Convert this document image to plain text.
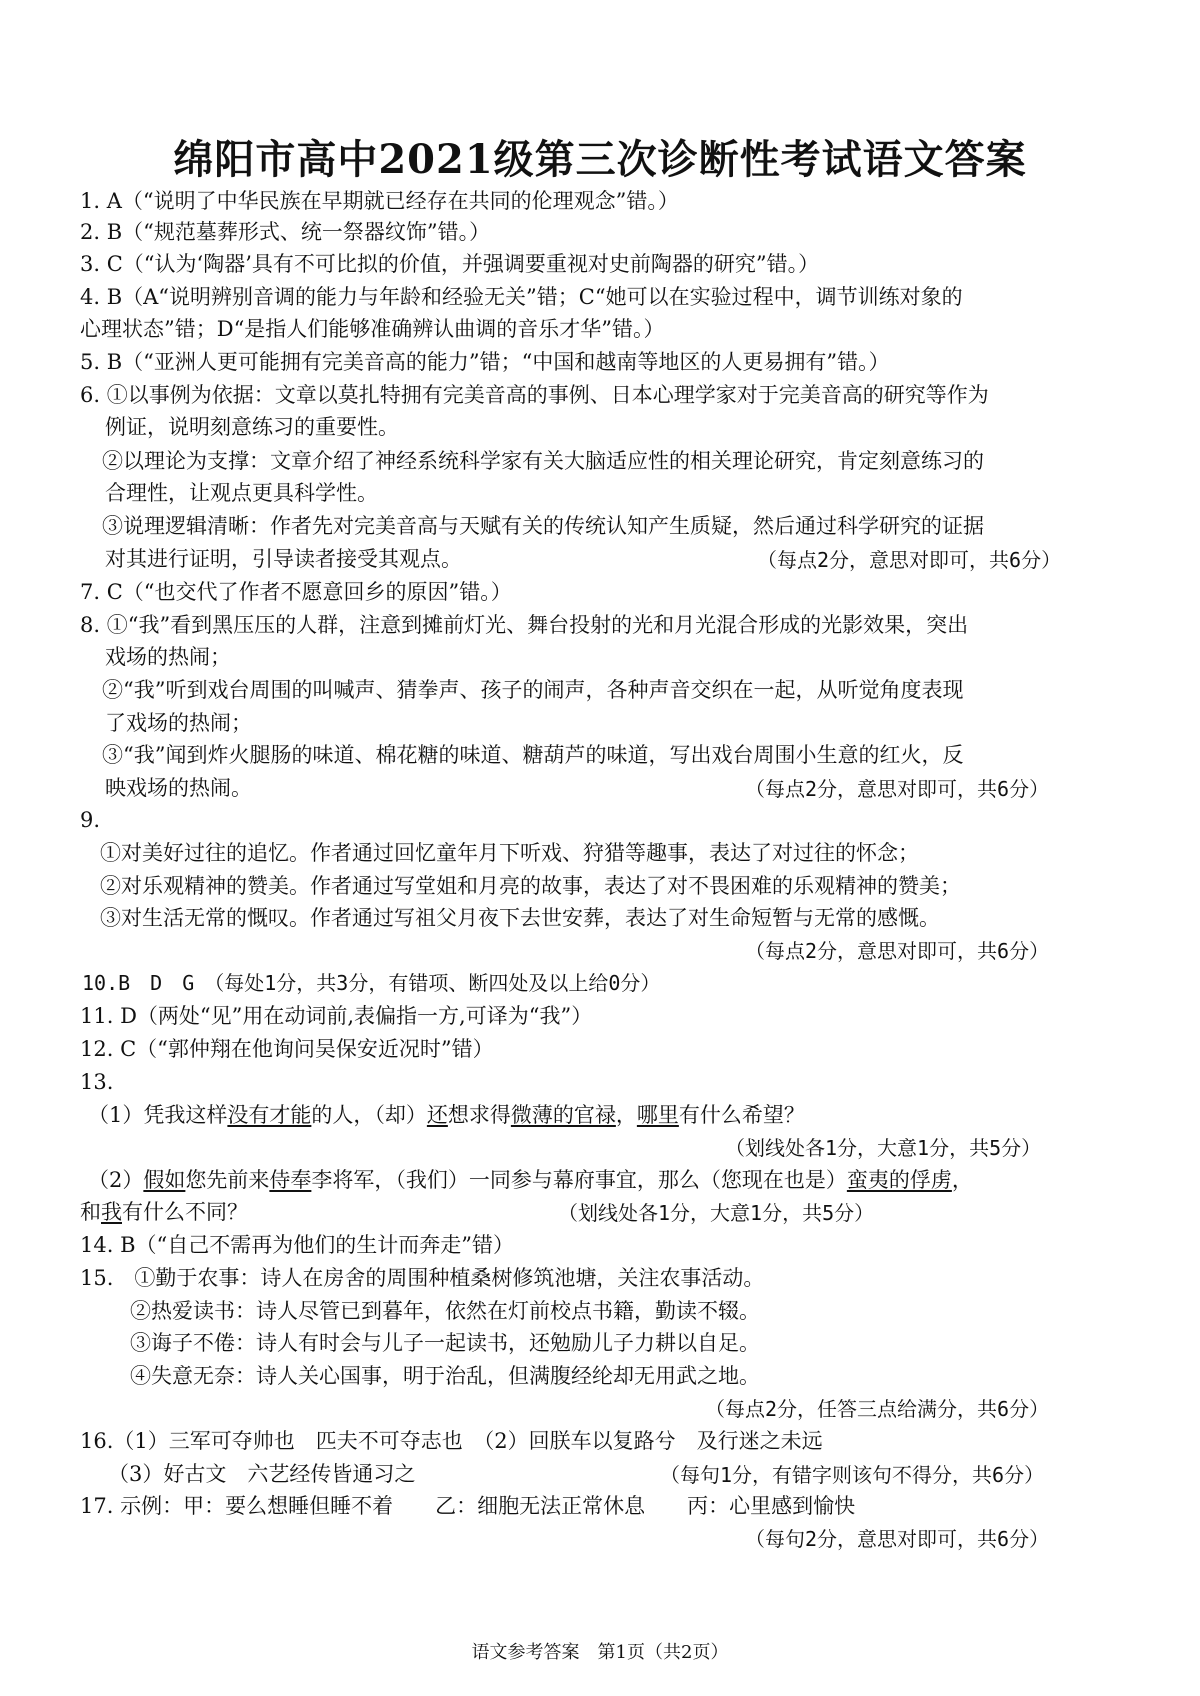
绵阳市高中2021级第三次诊断性考试语文答案
1. A（“说明了中华民族在早期就已经存在共同的伦理观念”错。）
2. B（“规范墓葬形式、统一祭器纹饰”错。）
3. C（“认为‘陶器’具有不可比拟的价值，并强调要重视对史前陶器的研究”错。）
4. B（A“说明辨别音调的能力与年龄和经验无关”错；C“她可以在实验过程中，调节训练对象的
心理状态”错；D“是指人们能够准确辨认曲调的音乐才华”错。）
5. B（“亚洲人更可能拥有完美音高的能力”错；“中国和越南等地区的人更易拥有”错。）
6. ①以事例为依据：文章以莫扎特拥有完美音高的事例、日本心理学家对于完美音高的研究等作为
例证，说明刻意练习的重要性。
②以理论为支撑：文章介绍了神经系统科学家有关大脑适应性的相关理论研究，肯定刻意练习的
合理性，让观点更具科学性。
③说理逻辑清晰：作者先对完美音高与天赋有关的传统认知产生质疑，然后通过科学研究的证据
对其进行证明，引导读者接受其观点。	（每点2分，意思对即可，共6分）
7. C（“也交代了作者不愿意回乡的原因”错。）
8. ①“我”看到黑压压的人群，注意到摊前灯光、舞台投射的光和月光混合形成的光影效果，突出
戏场的热闹；
②“我”听到戏台周围的叫喊声、猜拳声、孩子的闹声，各种声音交织在一起，从听觉角度表现
了戏场的热闹；
③“我”闻到炸火腿肠的味道、棉花糖的味道、糖葫芦的味道，写出戏台周围小生意的红火，反
映戏场的热闹。	（每点2分，意思对即可，共6分）
9.
①对美好过往的追忆。作者通过回忆童年月下听戏、狩猎等趣事，表达了对过往的怀念；
②对乐观精神的赞美。作者通过写堂姐和月亮的故事，表达了对不畏困难的乐观精神的赞美；
③对生活无常的慨叹。作者通过写祖父月夜下去世安葬，表达了对生命短暂与无常的感慨。
（每点2分，意思对即可，共6分）
10.B　D　G　（每处1分，共3分，有错项、断四处及以上给0分）
11. D（两处“见”用在动词前,表偏指一方,可译为“我”）
12. C（“郭仲翔在他询问吴保安近况时”错）
13.
（1）凭我这样没有才能的人，（却）还想求得微薄的官禄，哪里有什么希望？
（划线处各1分，大意1分，共5分）
（2）假如您先前来侍奉李将军，（我们）一同参与幕府事宜，那么（您现在也是）蛮夷的俘虏，
和我有什么不同？	（划线处各1分，大意1分，共5分）
14. B（“自己不需再为他们的生计而奔走”错）
15.　①勤于农事：诗人在房舍的周围种植桑树修筑池塘，关注农事活动。
②热爱读书：诗人尽管已到暮年，依然在灯前校点书籍，勤读不辍。
③诲子不倦：诗人有时会与儿子一起读书，还勉励儿子力耕以自足。
④失意无奈：诗人关心国事，明于治乱，但满腹经纶却无用武之地。
（每点2分，任答三点给满分，共6分）
16.（1）三军可夺帅也　匹夫不可夺志也　（2）回朕车以复路兮　及行迷之未远
（3）好古文　六艺经传皆通习之	（每句1分，有错字则该句不得分，共6分）
17. 示例：甲：要么想睡但睡不着　　乙：细胞无法正常休息　　丙：心里感到愉快
（每句2分，意思对即可，共6分）
语文参考答案　第1页（共2页）
